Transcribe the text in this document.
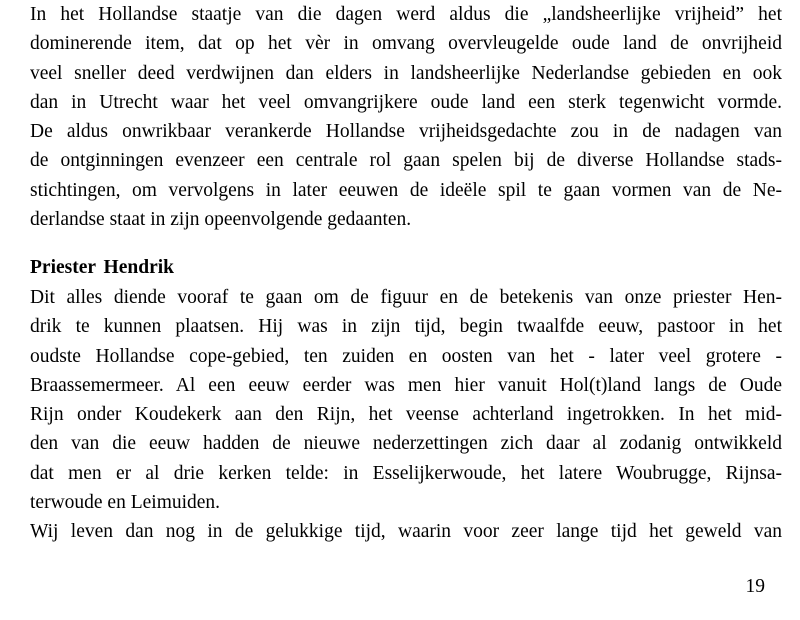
In het Hollandse staatje van die dagen werd aldus die „landsheerlijke vrijheid” het
dominerende item, dat op het vèr in omvang overvleugelde oude land de onvrijheid
veel sneller deed verdwijnen dan elders in landsheerlijke Nederlandse gebieden en ook
dan in Utrecht waar het veel omvangrijkere oude land een sterk tegenwicht vormde.
De aldus onwrikbaar verankerde Hollandse vrijheidsgedachte zou in de nadagen van
de ontginningen evenzeer een centrale rol gaan spelen bij de diverse Hollandse stads-
stichtingen, om vervolgens in later eeuwen de ideële spil te gaan vormen van de Ne-
derlandse staat in zijn opeenvolgende gedaanten.
Priester Hendrik
Dit alles diende vooraf te gaan om de figuur en de betekenis van onze priester Hen-
drik te kunnen plaatsen. Hij was in zijn tijd, begin twaalfde eeuw, pastoor in het
oudste Hollandse cope-gebied, ten zuiden en oosten van het - later veel grotere -
Braassemermeer. Al een eeuw eerder was men hier vanuit Hol(t)land langs de Oude
Rijn onder Koudekerk aan den Rijn, het veense achterland ingetrokken. In het mid-
den van die eeuw hadden de nieuwe nederzettingen zich daar al zodanig ontwikkeld
dat men er al drie kerken telde: in Esselijkerwoude, het latere Woubrugge, Rijnsa-
terwoude en Leimuiden.
Wij leven dan nog in de gelukkige tijd, waarin voor zeer lange tijd het geweld van
19
